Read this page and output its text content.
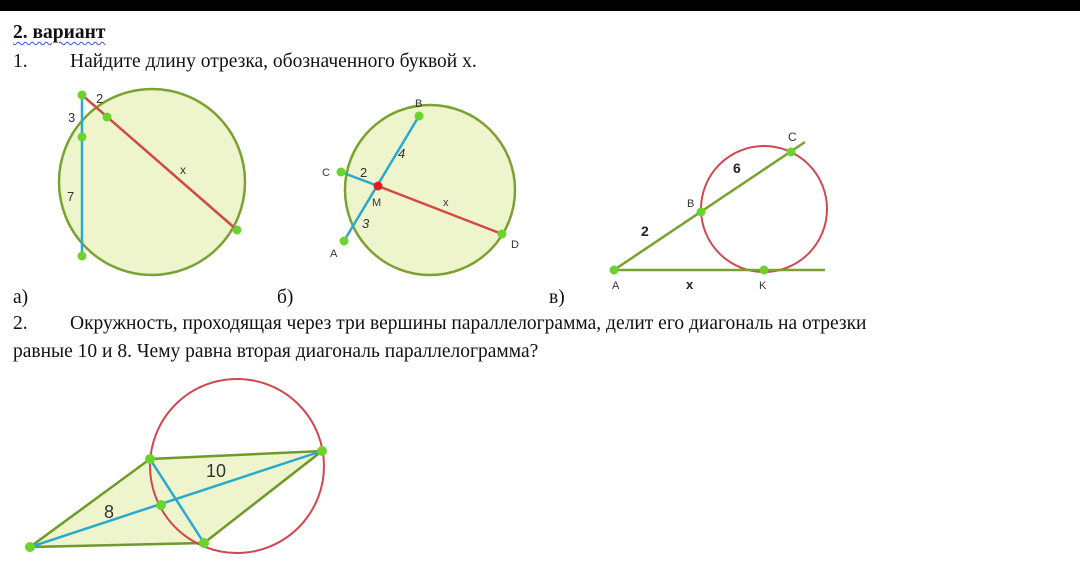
2. вариант
1. Найдите длину отрезка, обозначенного буквой x.
а)	б)	в)
2. Окружность, проходящая через три вершины параллелограмма, делит его диагональ на отрезки
равные 10 и 8. Чему равна вторая диагональ параллелограмма?
2
3
7
x
B
C
M
A
D
2
4
3
x
C
B
A	K
6
2
x
10
8
